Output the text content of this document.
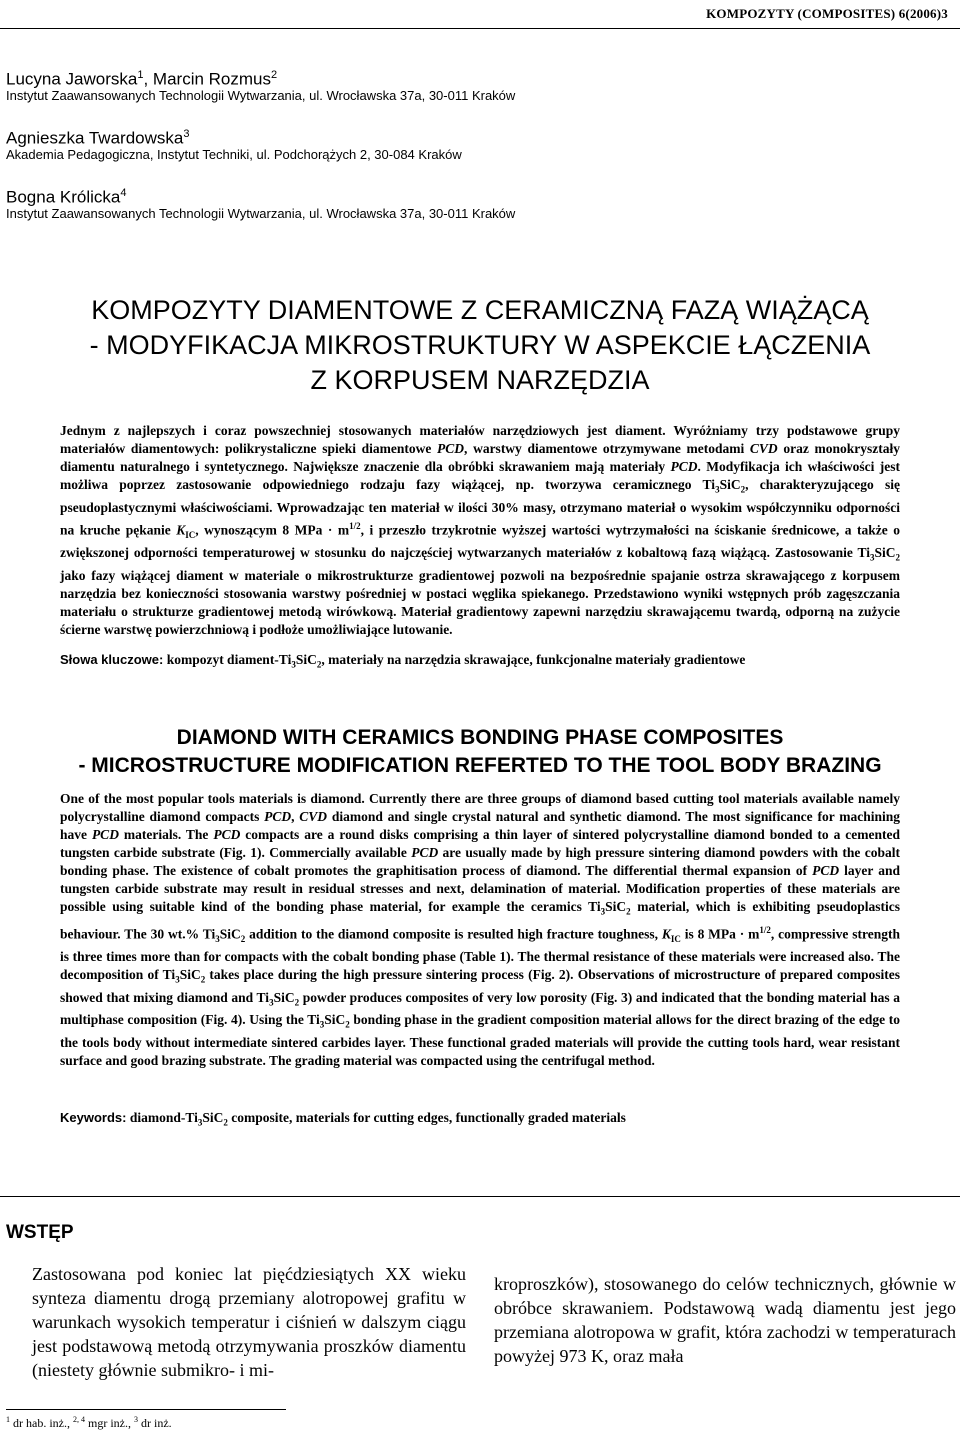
KOMPOZYTY (COMPOSITES) 6(2006)3
Lucyna Jaworska$^1$, Marcin Rozmus$^2$
Instytut Zaawansowanych Technologii Wytwarzania, ul. Wrocławska 37a, 30-011 Kraków
Agnieszka Twardowska$^3$
Akademia Pedagogiczna, Instytut Techniki, ul. Podchorążych 2, 30-084 Kraków
Bogna Królicka$^4$
Instytut Zaawansowanych Technologii Wytwarzania, ul. Wrocławska 37a, 30-011 Kraków
KOMPOZYTY DIAMENTOWE Z CERAMICZNĄ FAZĄ WIĄŻĄCĄ
- MODYFIKACJA MIKROSTRUKTURY W ASPEKCIE ŁĄCZENIA
Z KORPUSEM NARZĘDZIA
Jednym z najlepszych i coraz powszechniej stosowanych materiałów narzędziowych jest diament. Wyróżniamy trzy podstawowe grupy materiałów diamentowych: polikrystaliczne spieki diamentowe PCD, warstwy diamentowe otrzymywane metodami CVD oraz monokryształy diamentu naturalnego i syntetycznego. Największe znaczenie dla obróbki skrawaniem mają materiały PCD. Modyfikacja ich właściwości jest możliwa poprzez zastosowanie odpowiedniego rodzaju fazy wiążącej, np. tworzywa ceramicznego $Ti_3SiC_2$, charakteryzującego się pseudoplastycznymi właściwościami. Wprowadzając ten materiał w ilości 30% masy, otrzymano materiał o wysokim współczynniku odporności na kruche pękanie $K_{IC}$, wynoszącym 8 MPa · $m^{1/2}$, i przeszło trzykrotnie wyższej wartości wytrzymałości na ściskanie średnicowe, a także o zwiększonej odporności temperaturowej w stosunku do najczęściej wytwarzanych materiałów z kobaltową fazą wiążącą. Zastosowanie $Ti_3SiC_2$ jako fazy wiążącej diament w materiale o mikrostrukturze gradientowej pozwoli na bezpośrednie spajanie ostrza skrawającego z korpusem narzędzia bez konieczności stosowania warstwy pośredniej w postaci węglika spiekanego. Przedstawiono wyniki wstępnych prób zagęszczania materiału o strukturze gradientowej metodą wirówkową. Materiał gradientowy zapewni narzędziu skrawającemu twardą, odporną na zużycie ścierne warstwę powierzchniową i podłoże umożliwiające lutowanie.
Słowa kluczowe: kompozyt diament-$Ti_3SiC_2$, materiały na narzędzia skrawające, funkcjonalne materiały gradientowe
DIAMOND WITH CERAMICS BONDING PHASE COMPOSITES
- MICROSTRUCTURE MODIFICATION REFERTED TO THE TOOL BODY BRAZING
One of the most popular tools materials is diamond. Currently there are three groups of diamond based cutting tool materials available namely polycrystalline diamond compacts PCD, CVD diamond and single crystal natural and synthetic diamond. The most significance for machining have PCD materials. The PCD compacts are a round disks comprising a thin layer of sintered polycrystalline diamond bonded to a cemented tungsten carbide substrate (Fig. 1). Commercially available PCD are usually made by high pressure sintering diamond powders with the cobalt bonding phase. The existence of cobalt promotes the graphitisation process of diamond. The differential thermal expansion of PCD layer and tungsten carbide substrate may result in residual stresses and next, delamination of material. Modification properties of these materials are possible using suitable kind of the bonding phase material, for example the ceramics $Ti_3SiC_2$ material, which is exhibiting pseudoplastics behaviour. The 30 wt.% $Ti_3SiC_2$ addition to the diamond composite is resulted high fracture toughness, $K_{IC}$ is 8 MPa · $m^{1/2}$, compressive strength is three times more than for compacts with the cobalt bonding phase (Table 1). The thermal resistance of these materials were increased also. The decomposition of $Ti_3SiC_2$ takes place during the high pressure sintering process (Fig. 2). Observations of microstructure of prepared composites showed that mixing diamond and $Ti_3SiC_2$ powder produces composites of very low porosity (Fig. 3) and indicated that the bonding material has a multiphase composition (Fig. 4). Using the $Ti_3SiC_2$ bonding phase in the gradient composition material allows for the direct brazing of the edge to the tools body without intermediate sintered carbides layer. These functional graded materials will provide the cutting tools hard, wear resistant surface and good brazing substrate. The grading material was compacted using the centrifugal method.
Keywords: diamond-$Ti_3SiC_2$ composite, materials for cutting edges, functionally graded materials
WSTĘP
Zastosowana pod koniec lat pięćdziesiątych XX wieku synteza diamentu drogą przemiany alotropowej grafitu w warunkach wysokich temperatur i ciśnień w dalszym ciągu jest podstawową metodą otrzymywania proszków diamentu (niestety głównie submikro- i mi-
kroproszków), stosowanego do celów technicznych, głównie w obróbce skrawaniem. Podstawową wadą diamentu jest jego przemiana alotropowa w grafit, która zachodzi w temperaturach powyżej 973 K, oraz mała
$^1$ dr hab. inż., $^{2, 4}$ mgr inż., $^3$ dr inż.
